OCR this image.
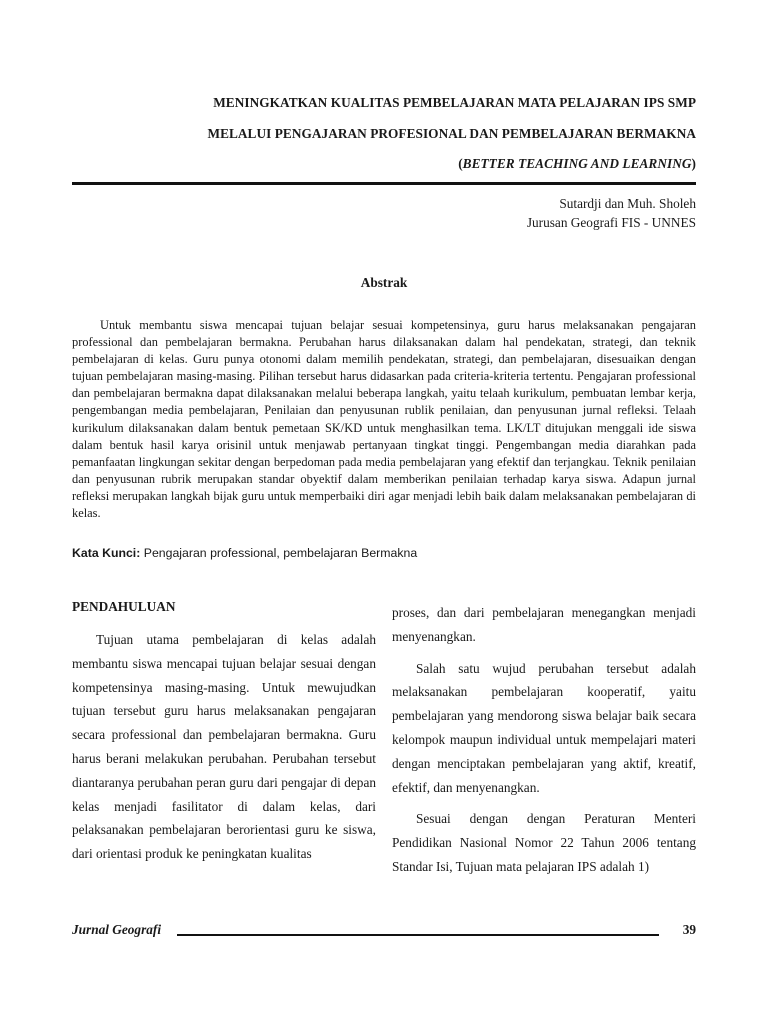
MENINGKATKAN KUALITAS PEMBELAJARAN MATA PELAJARAN IPS SMP
MELALUI PENGAJARAN PROFESIONAL DAN PEMBELAJARAN BERMAKNA
(BETTER TEACHING AND LEARNING)
Sutardji dan Muh. Sholeh
Jurusan Geografi FIS - UNNES
Abstrak

Untuk membantu siswa mencapai tujuan belajar sesuai kompetensinya, guru harus melaksanakan pengajaran professional dan pembelajaran bermakna. Perubahan harus dilaksanakan dalam hal pendekatan, strategi, dan teknik pembelajaran di kelas. Guru punya otonomi dalam memilih pendekatan, strategi, dan pembelajaran, disesuaikan dengan tujuan pembelajaran masing-masing. Pilihan tersebut harus didasarkan pada criteria-kriteria tertentu. Pengajaran professional dan pembelajaran bermakna dapat dilaksanakan melalui beberapa langkah, yaitu telaah kurikulum, pembuatan lembar kerja, pengembangan media pembelajaran, Penilaian dan penyusunan rublik penilaian, dan penyusunan jurnal refleksi. Telaah kurikulum dilaksanakan dalam bentuk pemetaan SK/KD untuk menghasilkan tema. LK/LT ditujukan menggali ide siswa dalam bentuk hasil karya orisinil untuk menjawab pertanyaan tingkat tinggi. Pengembangan media diarahkan pada pemanfaatan lingkungan sekitar dengan berpedoman pada media pembelajaran yang efektif dan terjangkau. Teknik penilaian dan penyusunan rubrik merupakan standar obyektif dalam memberikan penilaian terhadap karya siswa. Adapun jurnal refleksi merupakan langkah bijak guru untuk memperbaiki diri agar menjadi lebih baik dalam melaksanakan pembelajaran di kelas.

Kata Kunci: Pengajaran professional, pembelajaran Bermakna
PENDAHULUAN

Tujuan utama pembelajaran di kelas adalah membantu siswa mencapai tujuan belajar sesuai dengan kompetensinya masing-masing. Untuk mewujudkan tujuan tersebut guru harus melaksanakan pengajaran secara professional dan pembelajaran bermakna. Guru harus berani melakukan perubahan. Perubahan tersebut diantaranya perubahan peran guru dari pengajar di depan kelas menjadi fasilitator di dalam kelas, dari pelaksanakan pembelajaran berorientasi guru ke siswa, dari orientasi produk ke peningkatan kualitas

proses, dan dari pembelajaran menegangkan menjadi menyenangkan.

Salah satu wujud perubahan tersebut adalah melaksanakan pembelajaran kooperatif, yaitu pembelajaran yang mendorong siswa belajar baik secara kelompok maupun individual untuk mempelajari materi dengan menciptakan pembelajaran yang aktif, kreatif, efektif, dan menyenangkan.

Sesuai dengan dengan Peraturan Menteri Pendidikan Nasional Nomor 22 Tahun 2006 tentang Standar Isi, Tujuan mata pelajaran IPS adalah 1)

Jurnal Geografi	39
